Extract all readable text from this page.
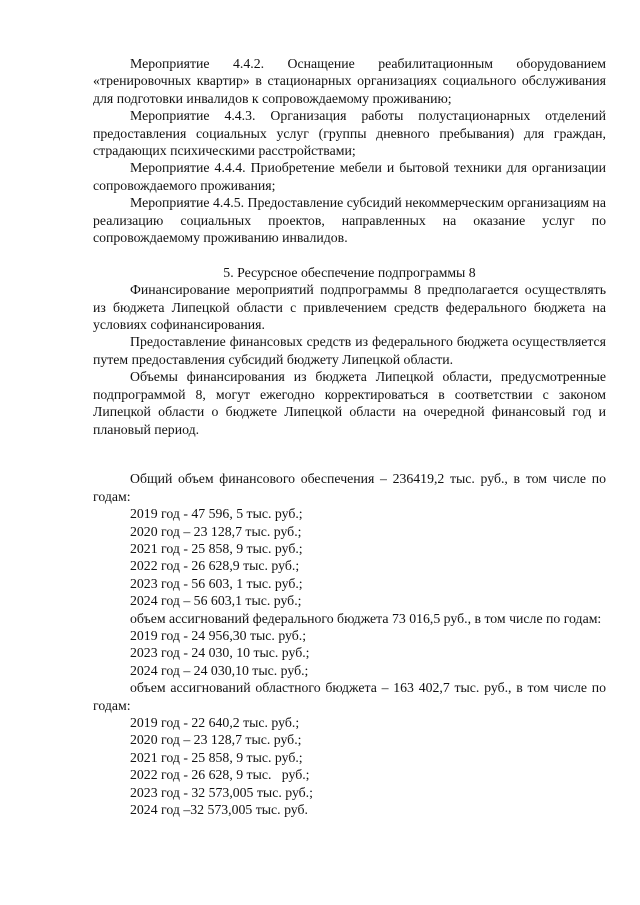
Мероприятие 4.4.2. Оснащение реабилитационным оборудованием «тренировочных квартир» в стационарных организациях социального обслуживания для подготовки инвалидов к сопровождаемому проживанию;

Мероприятие 4.4.3. Организация работы полустационарных отделений предоставления социальных услуг (группы дневного пребывания) для граждан, страдающих психическими расстройствами;

Мероприятие 4.4.4. Приобретение мебели и бытовой техники для организации сопровождаемого проживания;

Мероприятие 4.4.5. Предоставление субсидий некоммерческим организациям на реализацию социальных проектов, направленных на оказание услуг по сопровождаемому проживанию инвалидов.

5. Ресурсное обеспечение подпрограммы 8

Финансирование мероприятий подпрограммы 8 предполагается осуществлять из бюджета Липецкой области с привлечением средств федерального бюджета на условиях софинансирования.

Предоставление финансовых средств из федерального бюджета осуществляется путем предоставления субсидий бюджету Липецкой области.

Объемы финансирования из бюджета Липецкой области, предусмотренные подпрограммой 8, могут ежегодно корректироваться в соответствии с законом Липецкой области о бюджете Липецкой области на очередной финансовый год и плановый период.

Общий объем финансового обеспечения – 236419,2 тыс. руб., в том числе по годам:

2019 год - 47 596, 5 тыс. руб.;

2020 год – 23 128,7 тыс. руб.;

2021 год - 25 858, 9 тыс. руб.;

2022 год - 26 628,9 тыс. руб.;

2023 год - 56 603, 1 тыс. руб.;

2024 год – 56 603,1 тыс. руб.;

объем ассигнований федерального бюджета 73 016,5 руб., в том числе по годам:

2019 год - 24 956,30 тыс. руб.;

2023 год - 24 030, 10 тыс. руб.;

2024 год – 24 030,10 тыс. руб.;

объем ассигнований областного бюджета – 163 402,7 тыс. руб., в том числе по годам:

2019 год - 22 640,2 тыс. руб.;

2020 год – 23 128,7 тыс. руб.;

2021 год - 25 858, 9 тыс. руб.;

2022 год - 26 628, 9 тыс.   руб.;

2023 год - 32 573,005 тыс. руб.;

2024 год –32 573,005 тыс. руб.
